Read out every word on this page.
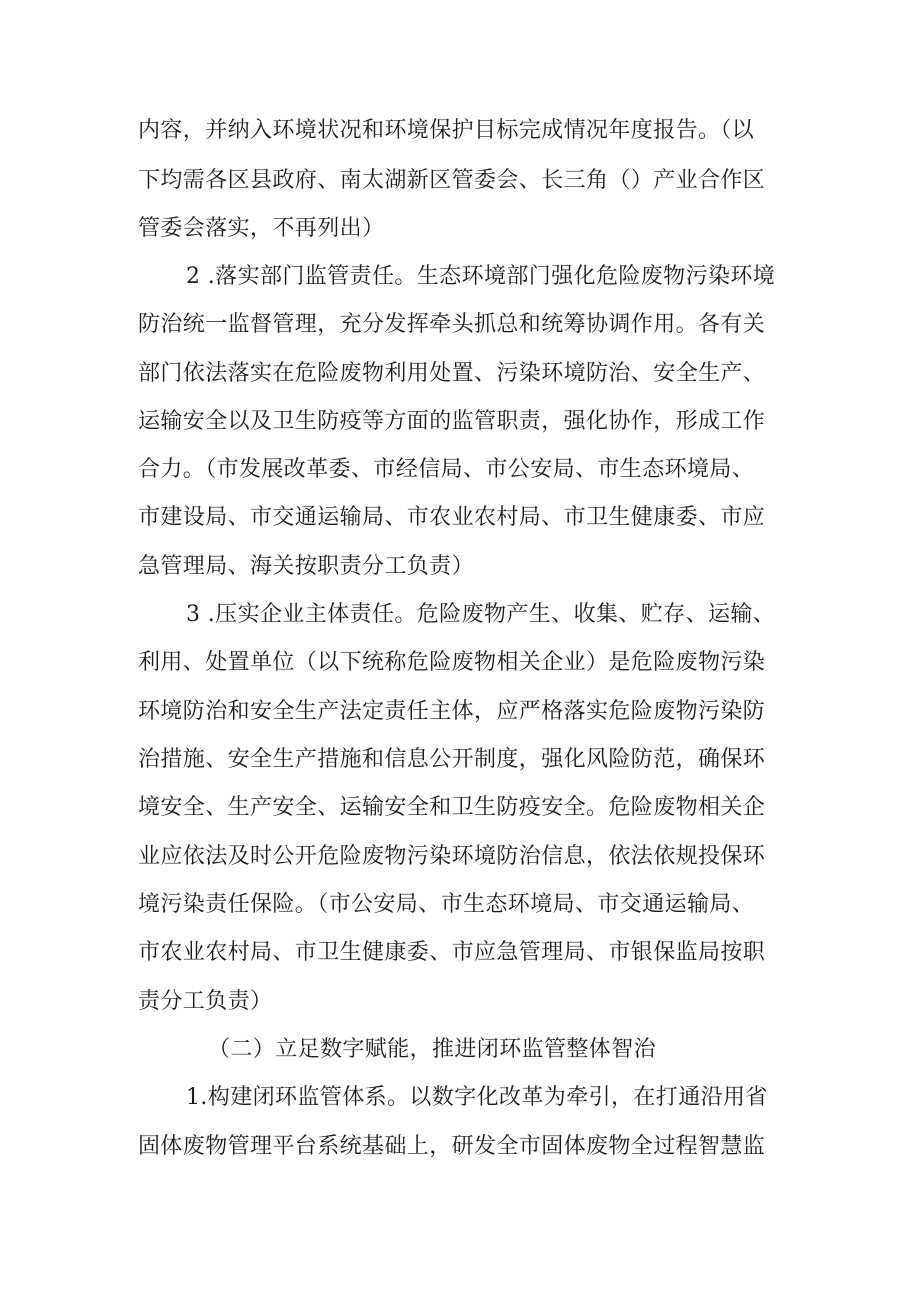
内容，并纳入环境状况和环境保护目标完成情况年度报告。（以
下均需各区县政府、南太湖新区管委会、长三角（）产业合作区
管委会落实，不再列出）
2 .落实部门监管责任。生态环境部门强化危险废物污染环境
防治统一监督管理，充分发挥牵头抓总和统筹协调作用。各有关
部门依法落实在危险废物利用处置、污染环境防治、安全生产、
运输安全以及卫生防疫等方面的监管职责，强化协作，形成工作
合力。（市发展改革委、市经信局、市公安局、市生态环境局、
市建设局、市交通运输局、市农业农村局、市卫生健康委、市应
急管理局、海关按职责分工负责）
3 .压实企业主体责任。危险废物产生、收集、贮存、运输、
利用、处置单位（以下统称危险废物相关企业）是危险废物污染
环境防治和安全生产法定责任主体，应严格落实危险废物污染防
治措施、安全生产措施和信息公开制度，强化风险防范，确保环
境安全、生产安全、运输安全和卫生防疫安全。危险废物相关企
业应依法及时公开危险废物污染环境防治信息，依法依规投保环
境污染责任保险。（市公安局、市生态环境局、市交通运输局、
市农业农村局、市卫生健康委、市应急管理局、市银保监局按职
责分工负责）
（二）立足数字赋能，推进闭环监管整体智治
1.构建闭环监管体系。以数字化改革为牵引，在打通沿用省
固体废物管理平台系统基础上，研发全市固体废物全过程智慧监
